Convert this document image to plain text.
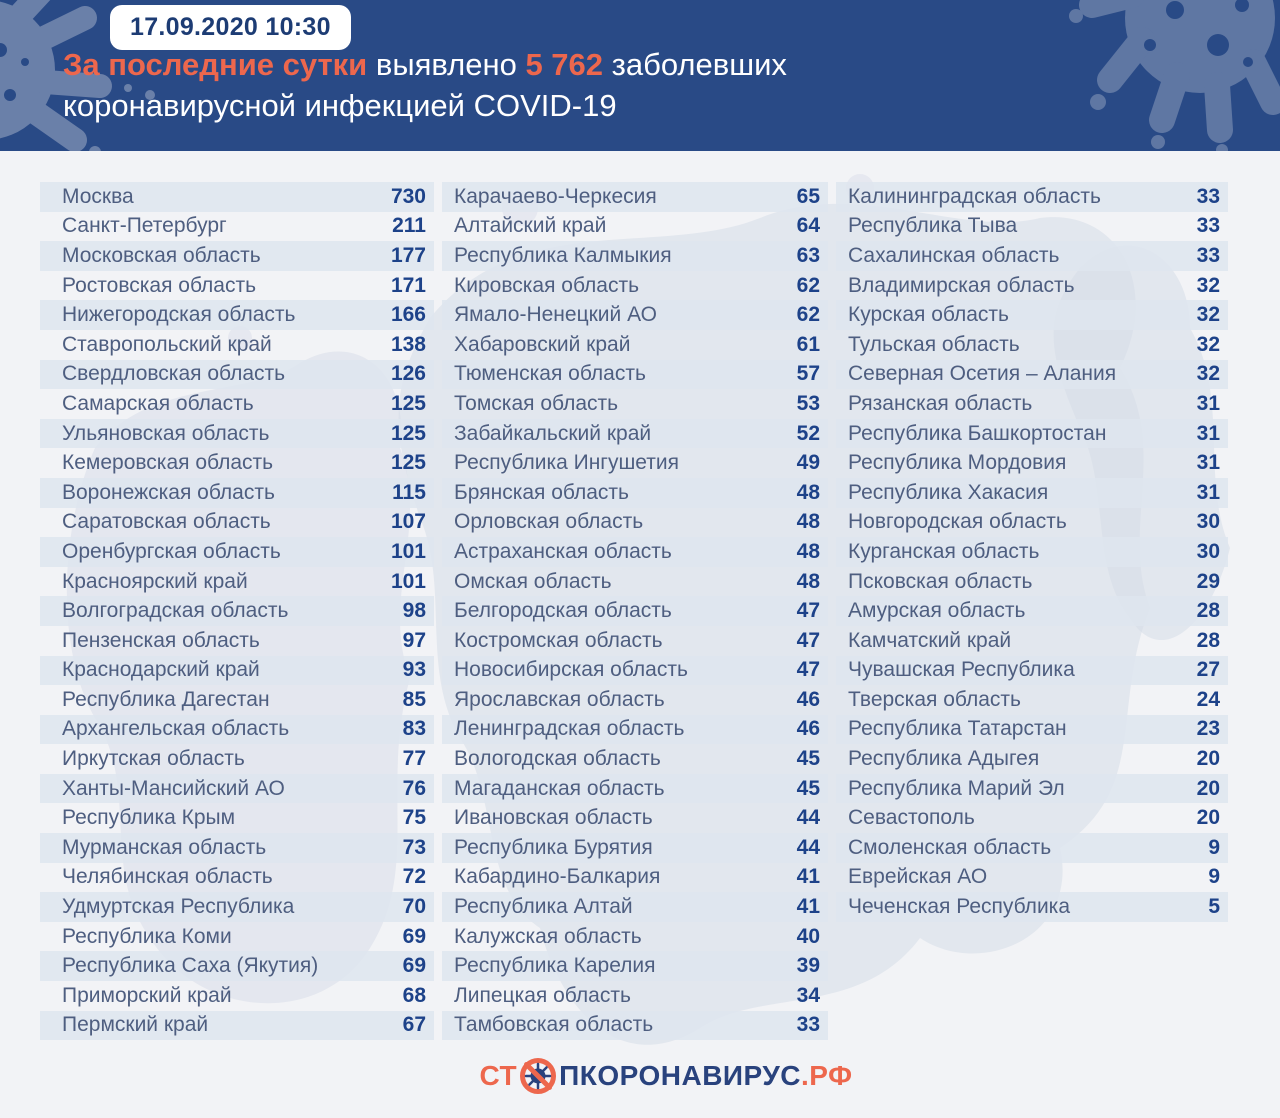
17.09.2020 10:30
За последние сутки выявлено 5 762 заболевших
коронавирусной инфекцией COVID-19
Москва	730
Санкт-Петербург	211
Московская область	177
Ростовская область	171
Нижегородская область	166
Ставропольский край	138
Свердловская область	126
Самарская область	125
Ульяновская область	125
Кемеровская область	125
Воронежская область	115
Саратовская область	107
Оренбургская область	101
Красноярский край	101
Волгоградская область	98
Пензенская область	97
Краснодарский край	93
Республика Дагестан	85
Архангельская область	83
Иркутская область	77
Ханты-Мансийский АО	76
Республика Крым	75
Мурманская область	73
Челябинская область	72
Удмуртская Республика	70
Республика Коми	69
Республика Саха (Якутия)	69
Приморский край	68
Пермский край	67
Карачаево-Черкесия	65
Алтайский край	64
Республика Калмыкия	63
Кировская область	62
Ямало-Ненецкий АО	62
Хабаровский край	61
Тюменская область	57
Томская область	53
Забайкальский край	52
Республика Ингушетия	49
Брянская область	48
Орловская область	48
Астраханская область	48
Омская область	48
Белгородская область	47
Костромская область	47
Новосибирская область	47
Ярославская область	46
Ленинградская область	46
Вологодская область	45
Магаданская область	45
Ивановская область	44
Республика Бурятия	44
Кабардино-Балкария	41
Республика Алтай	41
Калужская область	40
Республика Карелия	39
Липецкая область	34
Тамбовская область	33
Калининградская область	33
Республика Тыва	33
Сахалинская область	33
Владимирская область	32
Курская область	32
Тульская область	32
Северная Осетия – Алания	32
Рязанская область	31
Республика Башкортостан	31
Республика Мордовия	31
Республика Хакасия	31
Новгородская область	30
Курганская область	30
Псковская область	29
Амурская область	28
Камчатский край	28
Чувашская Республика	27
Тверская область	24
Республика Татарстан	23
Республика Адыгея	20
Республика Марий Эл	20
Севастополь	20
Смоленская область	9
Еврейская АО	9
Чеченская Республика	5
СТ ПКОРОНАВИРУС .РФ
